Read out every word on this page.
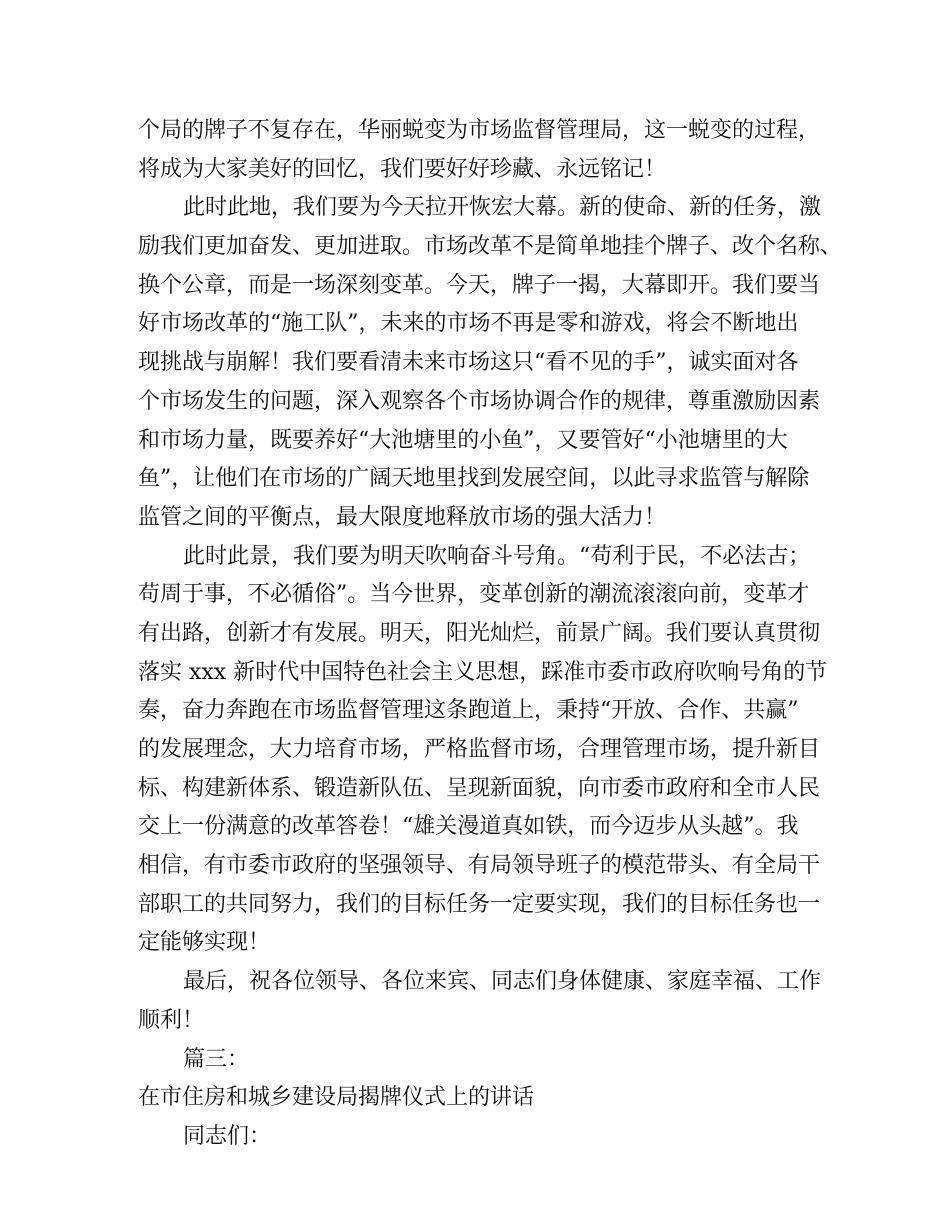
个局的牌子不复存在，华丽蜕变为市场监督管理局，这一蜕变的过程，
将成为大家美好的回忆，我们要好好珍藏、永远铭记！
此时此地，我们要为今天拉开恢宏大幕。新的使命、新的任务，激
励我们更加奋发、更加进取。市场改革不是简单地挂个牌子、改个名称、
换个公章，而是一场深刻变革。今天，牌子一揭，大幕即开。我们要当
好市场改革的“施工队”，未来的市场不再是零和游戏，将会不断地出
现挑战与崩解！我们要看清未来市场这只“看不见的手”，诚实面对各
个市场发生的问题，深入观察各个市场协调合作的规律，尊重激励因素
和市场力量，既要养好“大池塘里的小鱼”，又要管好“小池塘里的大
鱼”，让他们在市场的广阔天地里找到发展空间，以此寻求监管与解除
监管之间的平衡点，最大限度地释放市场的强大活力！
此时此景，我们要为明天吹响奋斗号角。“苟利于民，不必法古；
苟周于事，不必循俗”。当今世界，变革创新的潮流滚滚向前，变革才
有出路，创新才有发展。明天，阳光灿烂，前景广阔。我们要认真贯彻
落实 xxx 新时代中国特色社会主义思想，踩准市委市政府吹响号角的节
奏，奋力奔跑在市场监督管理这条跑道上，秉持“开放、合作、共赢”
的发展理念，大力培育市场，严格监督市场，合理管理市场，提升新目
标、构建新体系、锻造新队伍、呈现新面貌，向市委市政府和全市人民
交上一份满意的改革答卷！“雄关漫道真如铁，而今迈步从头越”。我
相信，有市委市政府的坚强领导、有局领导班子的模范带头、有全局干
部职工的共同努力，我们的目标任务一定要实现，我们的目标任务也一
定能够实现！
最后，祝各位领导、各位来宾、同志们身体健康、家庭幸福、工作
顺利！
篇三：
在市住房和城乡建设局揭牌仪式上的讲话
同志们：
